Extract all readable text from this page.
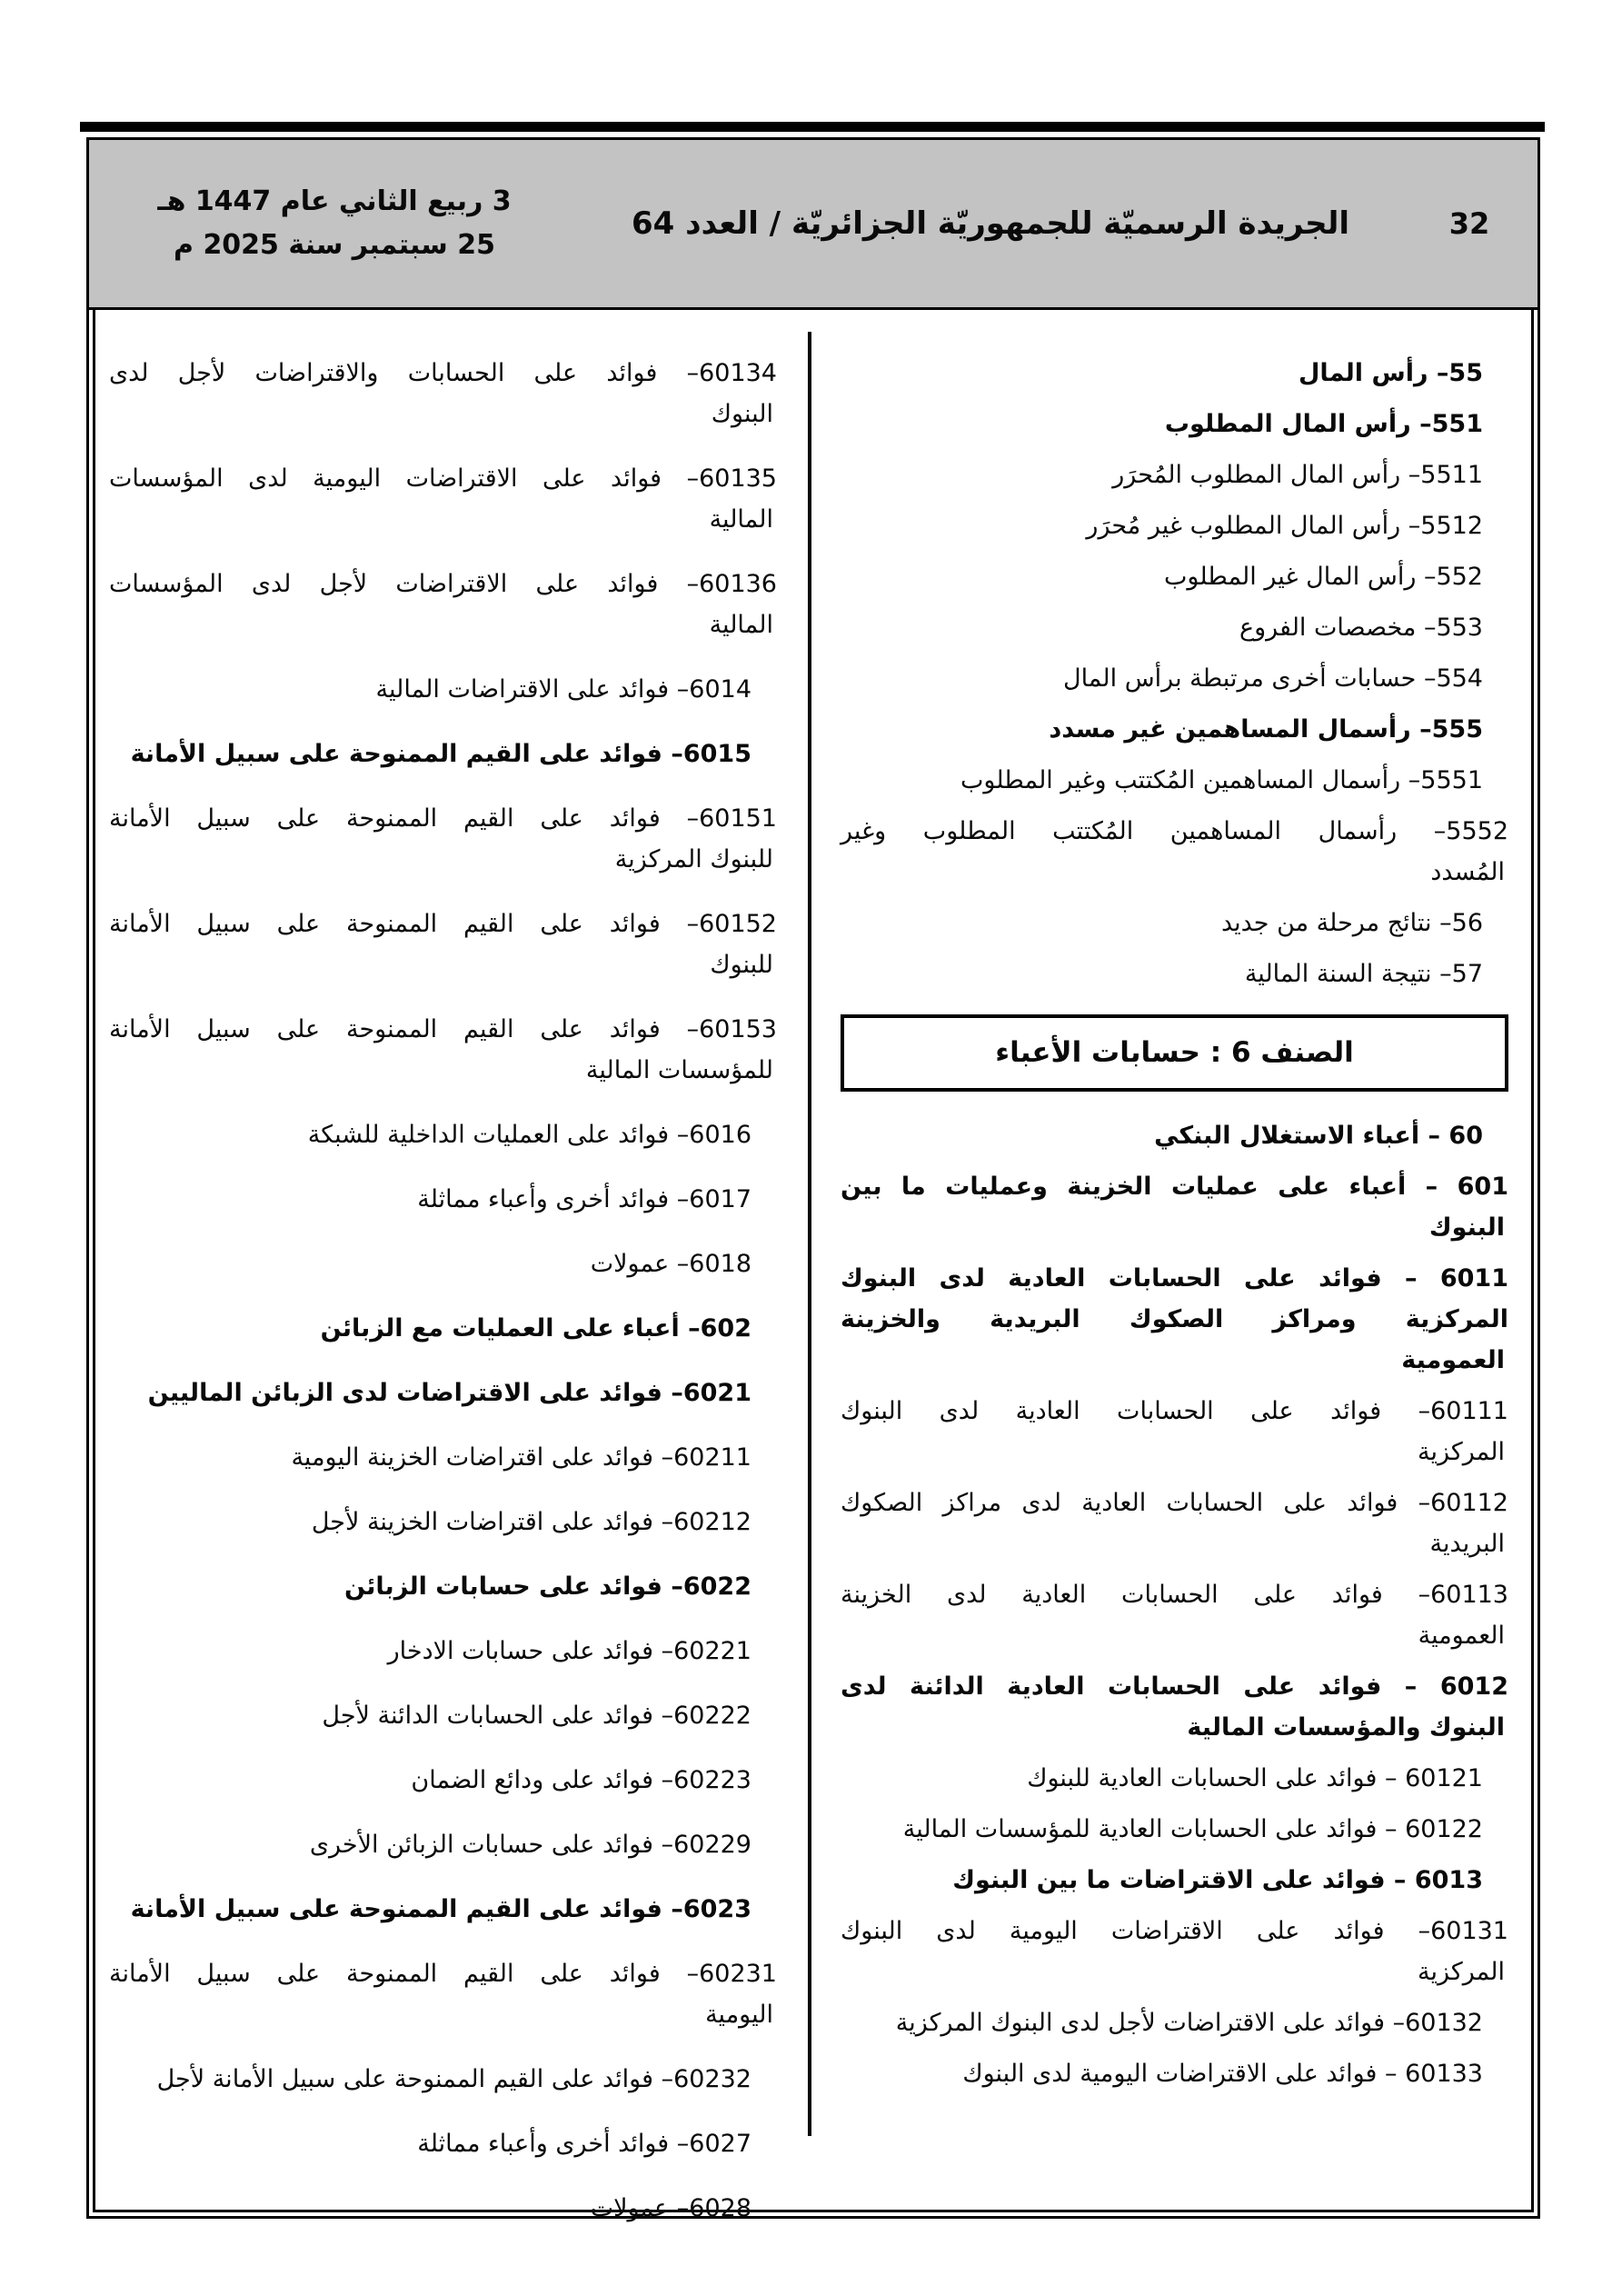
32
الجريدة الرسميّة للجمهوريّة الجزائريّة / العدد 64
3 ربيع الثاني عام 1447 هـ
25 سبتمبر سنة 2025 م

55– رأس المال

551– رأس المال المطلوب

5511– رأس المال المطلوب المُحرَر

5512– رأس المال المطلوب غير مُحرَر

552– رأس المال غير المطلوب

553– مخصصات الفروع

554– حسابات أخرى مرتبطة برأس المال

555– رأسمال المساهمين غير مسدد

5551– رأسمال المساهمين المُكتتب وغير المطلوب

5552– رأسمال المساهمين المُكتتب المطلوب وغير
المُسدد

56– نتائج مرحلة من جديد

57– نتيجة السنة المالية

الصنف 6 : حسابات الأعباء

60 – أعباء الاستغلال البنكي

601 – أعباء على عمليات الخزينة وعمليات ما بين
البنوك

6011 – فوائد على الحسابات العادية لدى البنوك
المركزية ومراكز الصكوك البريدية والخزينة
العمومية

60111– فوائد على الحسابات العادية لدى البنوك
المركزية

60112– فوائد على الحسابات العادية لدى مراكز الصكوك
البريدية

60113– فوائد على الحسابات العادية لدى الخزينة
العمومية

6012 – فوائد على الحسابات العادية الدائنة لدى
البنوك والمؤسسات المالية

60121 – فوائد على الحسابات العادية للبنوك

60122 – فوائد على الحسابات العادية للمؤسسات المالية

6013 – فوائد على الاقتراضات ما بين البنوك

60131– فوائد على الاقتراضات اليومية لدى البنوك
المركزية

60132– فوائد على الاقتراضات لأجل لدى البنوك المركزية

60133 – فوائد على الاقتراضات اليومية لدى البنوك

60134– فوائد على الحسابات والاقتراضات لأجل لدى
البنوك

60135– فوائد على الاقتراضات اليومية لدى المؤسسات
المالية

60136– فوائد على الاقتراضات لأجل لدى المؤسسات
المالية

6014– فوائد على الاقتراضات المالية

6015– فوائد على القيم الممنوحة على سبيل الأمانة

60151– فوائد على القيم الممنوحة على سبيل الأمانة
للبنوك المركزية

60152– فوائد على القيم الممنوحة على سبيل الأمانة
للبنوك

60153– فوائد على القيم الممنوحة على سبيل الأمانة
للمؤسسات المالية

6016– فوائد على العمليات الداخلية للشبكة

6017– فوائد أخرى وأعباء مماثلة

6018– عمولات

602– أعباء على العمليات مع الزبائن

6021– فوائد على الاقتراضات لدى الزبائن الماليين

60211– فوائد على اقتراضات الخزينة اليومية

60212– فوائد على اقتراضات الخزينة لأجل

6022– فوائد على حسابات الزبائن

60221– فوائد على حسابات الادخار

60222– فوائد على الحسابات الدائنة لأجل

60223– فوائد على ودائع الضمان

60229– فوائد على حسابات الزبائن الأخرى

6023– فوائد على القيم الممنوحة على سبيل الأمانة

60231– فوائد على القيم الممنوحة على سبيل الأمانة
اليومية

60232– فوائد على القيم الممنوحة على سبيل الأمانة لأجل

6027– فوائد أخرى وأعباء مماثلة

6028– عمولات
